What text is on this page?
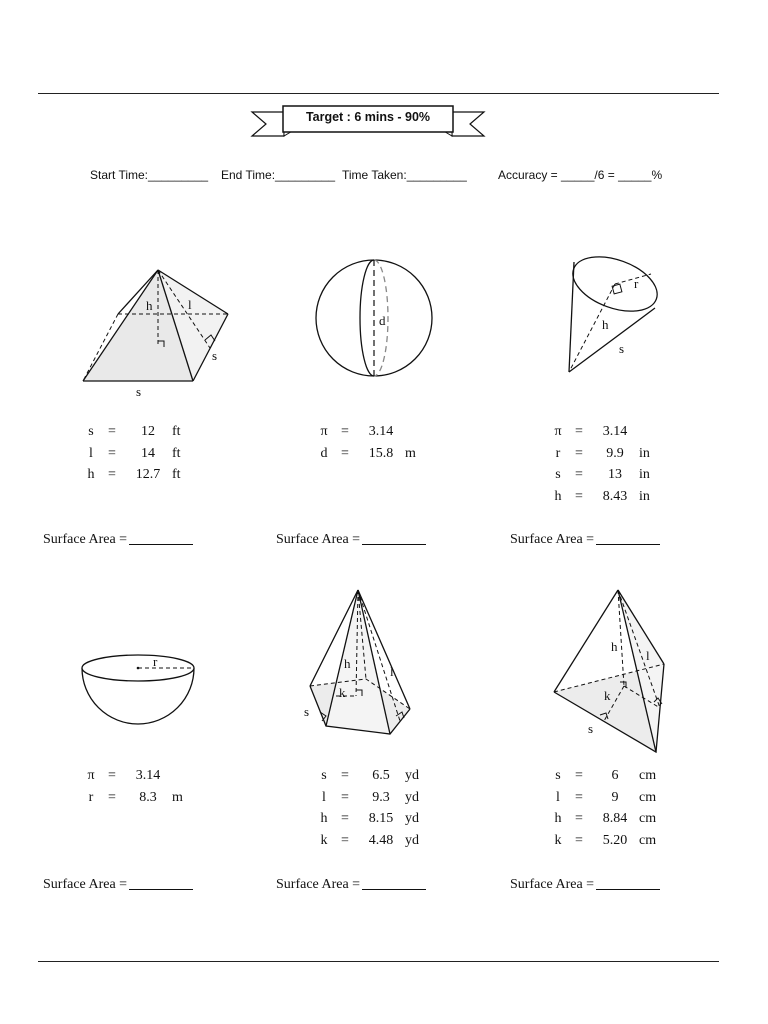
Target : 6 mins - 90%
Start Time:_________ End Time:_________ Time Taken:_________	Accuracy = _____/6 = _____%
h	l
s
s
s	=	12	ft
l	=	14	ft
h =	12.7 ft
Surface Area =
d
π =	3.14
d =	15.8 m
Surface Area =
r
h
s
π =	3.14
r	=	9.9	in
s	=	13	in
h =	8.43 in
Surface Area =
r
π =	3.14
r	=	8.3	m
Surface Area =
h
l
k
s
s	=	6.5	yd
l	=	9.3	yd
h =	8.15 yd
k =	4.48 yd
Surface Area =
h
l
k
s
s	=	6	cm
l	=	9	cm
h =	8.84 cm
k =	5.20 cm
Surface Area =
